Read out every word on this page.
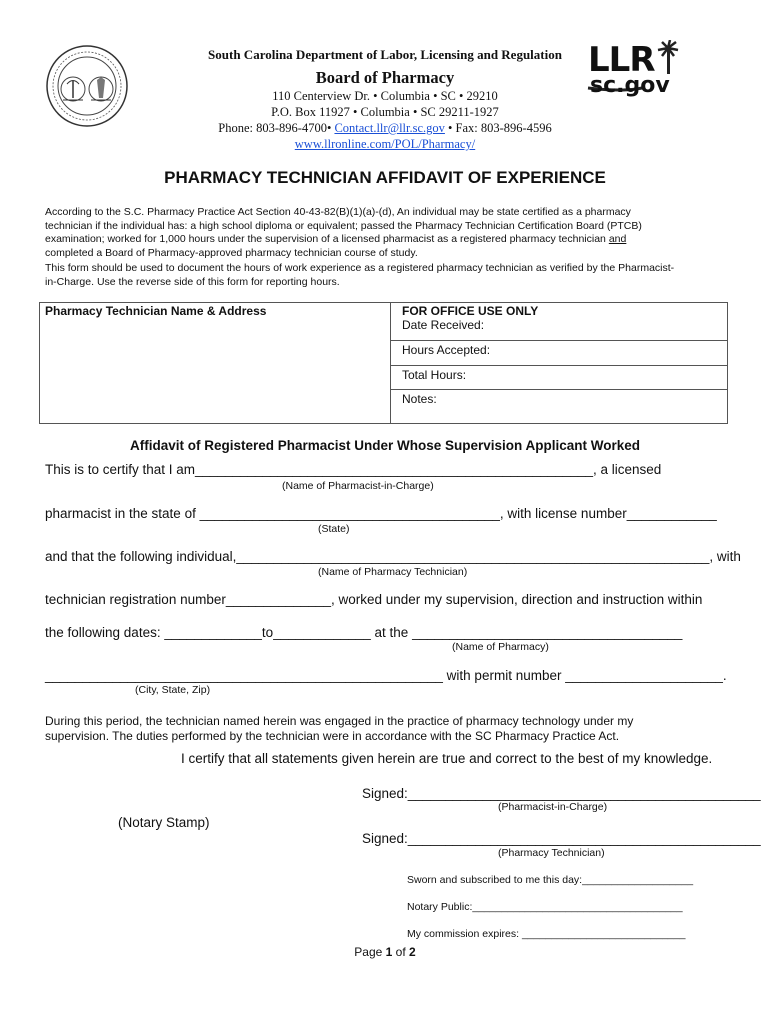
LLR
sc.gov
South Carolina Department of Labor, Licensing and Regulation
Board of Pharmacy
110 Centerview Dr. • Columbia • SC • 29210
P.O. Box 11927 • Columbia • SC 29211-1927
Phone: 803-896-4700• Contact.llr@llr.sc.gov • Fax: 803-896-4596
www.llronline.com/POL/Pharmacy/
PHARMACY TECHNICIAN AFFIDAVIT OF EXPERIENCE
According to the S.C. Pharmacy Practice Act Section 40-43-82(B)(1)(a)-(d), An individual may be state certified as a pharmacy
technician if the individual has: a high school diploma or equivalent; passed the Pharmacy Technician Certification Board (PTCB)
examination; worked for 1,000 hours under the supervision of a licensed pharmacist as a registered pharmacy technician and
completed a Board of Pharmacy-approved pharmacy technician course of study.
This form should be used to document the hours of work experience as a registered pharmacy technician as verified by the Pharmacist-
in-Charge. Use the reverse side of this form for reporting hours.
Pharmacy Technician Name & Address	FOR OFFICE USE ONLY
Date Received:

Hours Accepted:

Total Hours:

Notes:
Affidavit of Registered Pharmacist Under Whose Supervision Applicant Worked
This is to certify that I am_____________________________________________________, a licensed
(Name of Pharmacist-in-Charge)
pharmacist in the state of ________________________________________, with license number____________
(State)
and that the following individual,_______________________________________________________________, with
(Name of Pharmacy Technician)
technician registration number______________, worked under my supervision, direction and instruction within
the following dates: _____________to_____________ at the ____________________________________
(Name of Pharmacy)
_____________________________________________________ with permit number _____________________.
(City, State, Zip)
During this period, the technician named herein was engaged in the practice of pharmacy technology under my
supervision. The duties performed by the technician were in accordance with the SC Pharmacy Practice Act.
I certify that all statements given herein are true and correct to the best of my knowledge.
Signed:_______________________________________________
(Pharmacist-in-Charge)
(Notary Stamp)
Signed:_______________________________________________
(Pharmacy Technician)
Sworn and subscribed to me this day:___________________
Notary Public:____________________________________
My commission expires: ____________________________
Page 1 of 2
